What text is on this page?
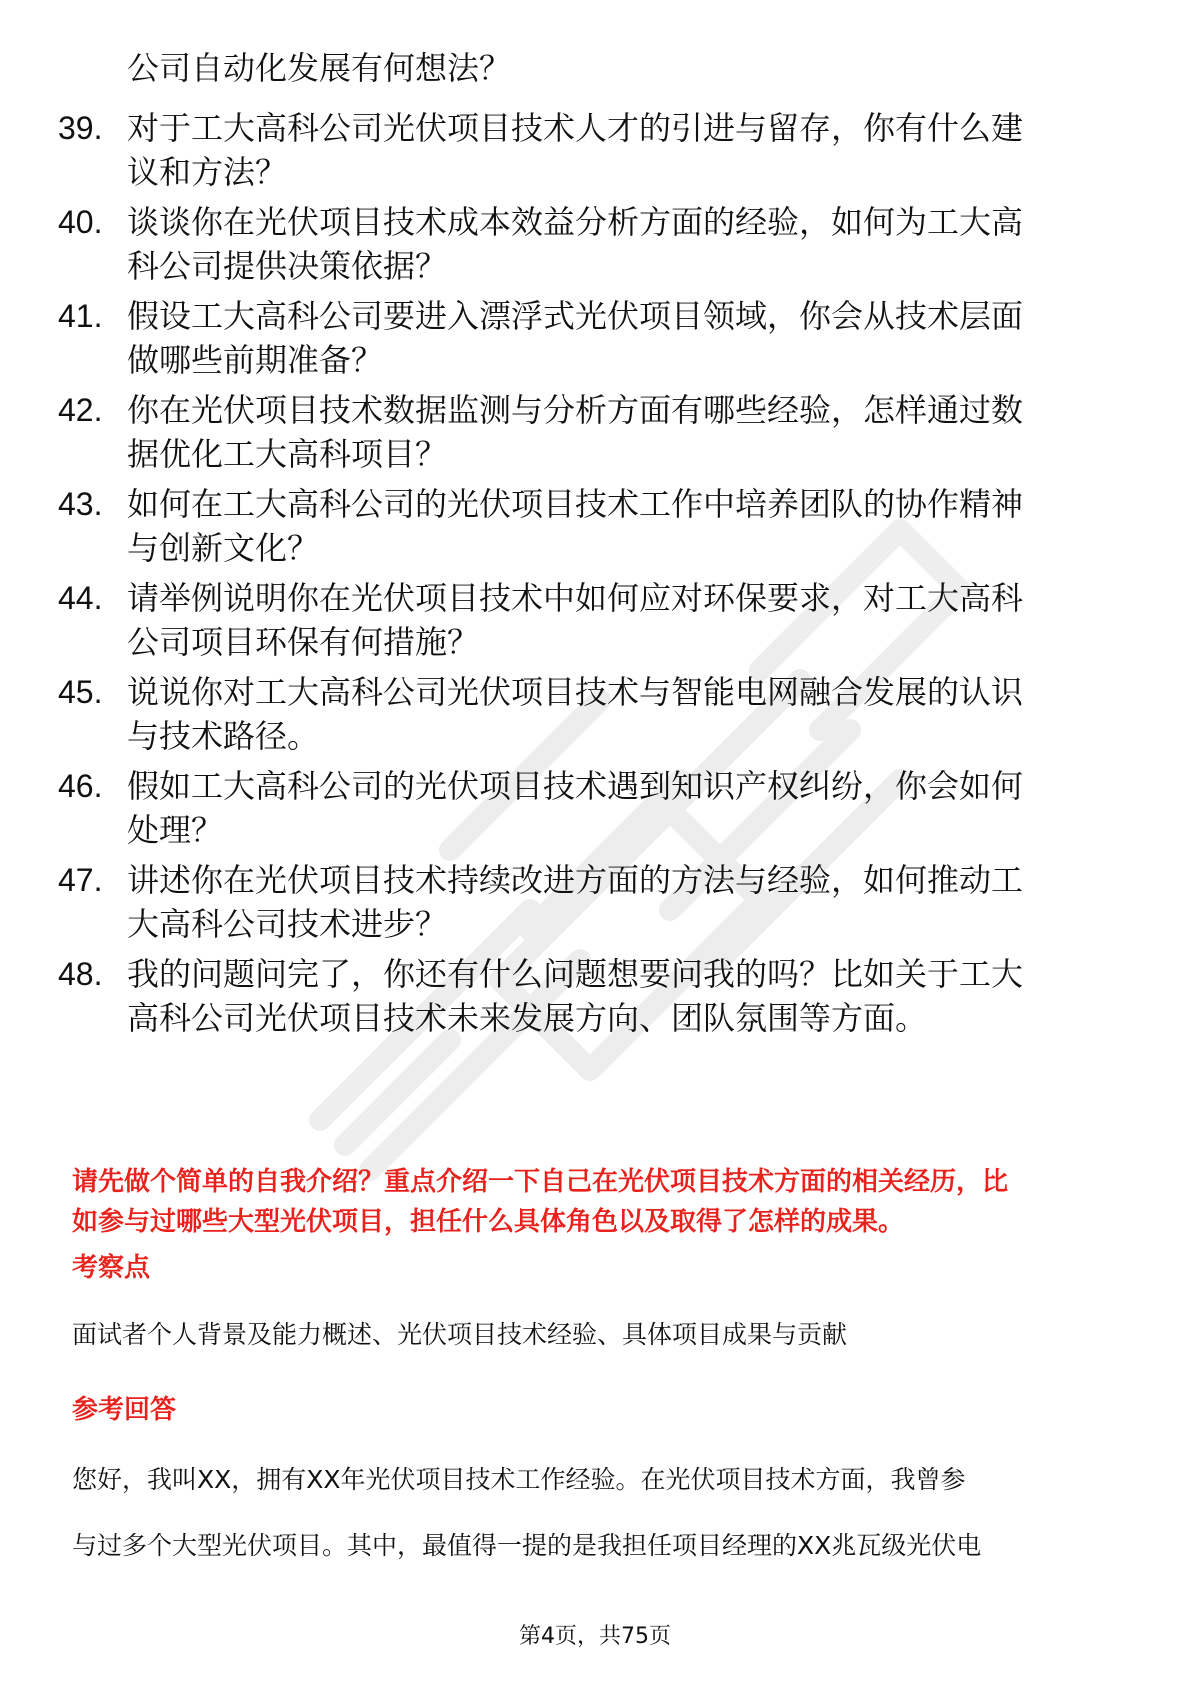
公司自动化发展有何想法？
39. 对于工大高科公司光伏项目技术人才的引进与留存，你有什么建
议和方法？
40. 谈谈你在光伏项目技术成本效益分析方面的经验，如何为工大高
科公司提供决策依据？
41. 假设工大高科公司要进入漂浮式光伏项目领域，你会从技术层面
做哪些前期准备？
42. 你在光伏项目技术数据监测与分析方面有哪些经验，怎样通过数
据优化工大高科项目？
43. 如何在工大高科公司的光伏项目技术工作中培养团队的协作精神
与创新文化？
44. 请举例说明你在光伏项目技术中如何应对环保要求，对工大高科
公司项目环保有何措施？
45. 说说你对工大高科公司光伏项目技术与智能电网融合发展的认识
与技术路径。
46. 假如工大高科公司的光伏项目技术遇到知识产权纠纷，你会如何
处理？
47. 讲述你在光伏项目技术持续改进方面的方法与经验，如何推动工
大高科公司技术进步？
48. 我的问题问完了，你还有什么问题想要问我的吗？比如关于工大
高科公司光伏项目技术未来发展方向、团队氛围等方面。
请先做个简单的自我介绍？重点介绍一下自己在光伏项目技术方面的相关经历，比
如参与过哪些大型光伏项目，担任什么具体角色以及取得了怎样的成果。
考察点
面试者个人背景及能力概述、光伏项目技术经验、具体项目成果与贡献
参考回答
您好，我叫XX，拥有XX年光伏项目技术工作经验。在光伏项目技术方面，我曾参
与过多个大型光伏项目。其中，最值得一提的是我担任项目经理的XX兆瓦级光伏电
第4页，共75页
